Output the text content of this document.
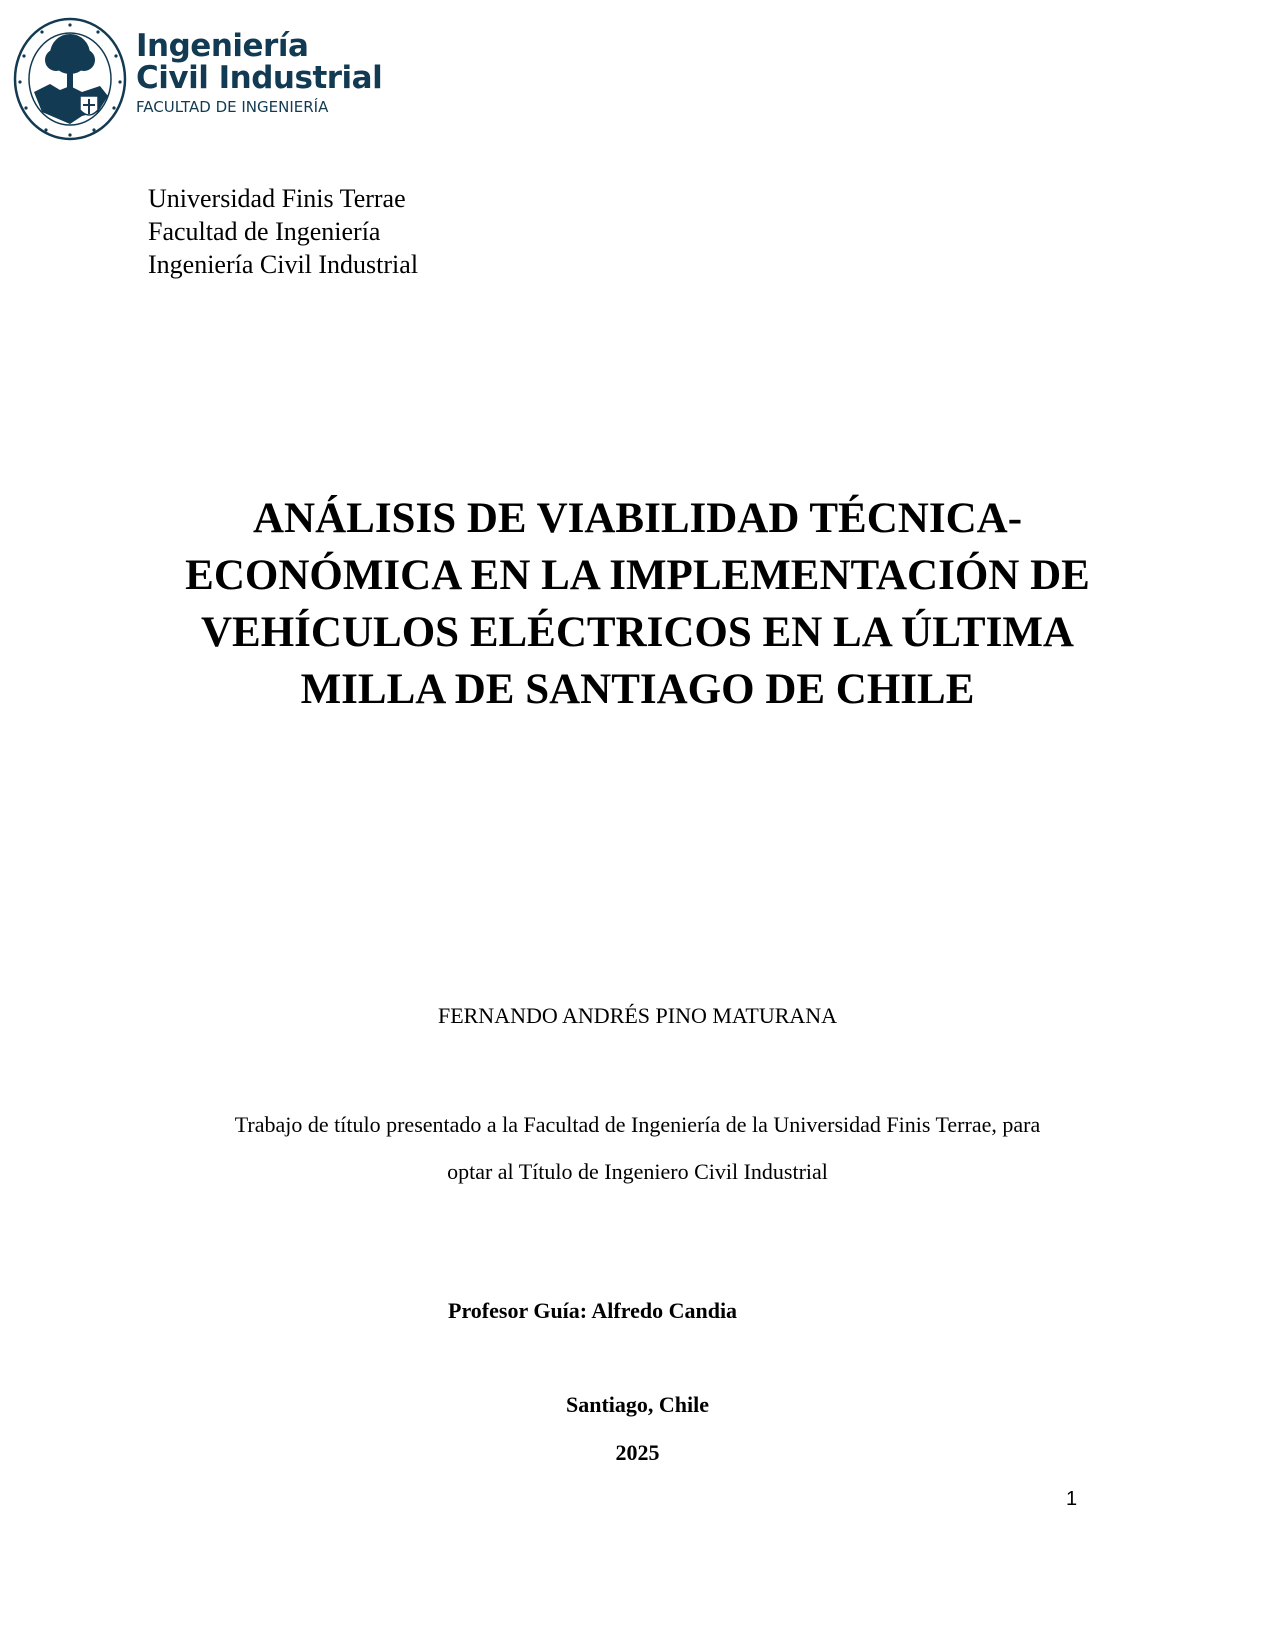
Ingeniería
Civil Industrial
FACULTAD DE INGENIERÍA
Universidad Finis Terrae
Facultad de Ingeniería
Ingeniería Civil Industrial
ANÁLISIS DE VIABILIDAD TÉCNICA-
ECONÓMICA EN LA IMPLEMENTACIÓN DE
VEHÍCULOS ELÉCTRICOS EN LA ÚLTIMA
MILLA DE SANTIAGO DE CHILE
FERNANDO ANDRÉS PINO MATURANA
Trabajo de título presentado a la Facultad de Ingeniería de la Universidad Finis Terrae, para
optar al Título de Ingeniero Civil Industrial
Profesor Guía: Alfredo Candia
Santiago, Chile
2025
1
